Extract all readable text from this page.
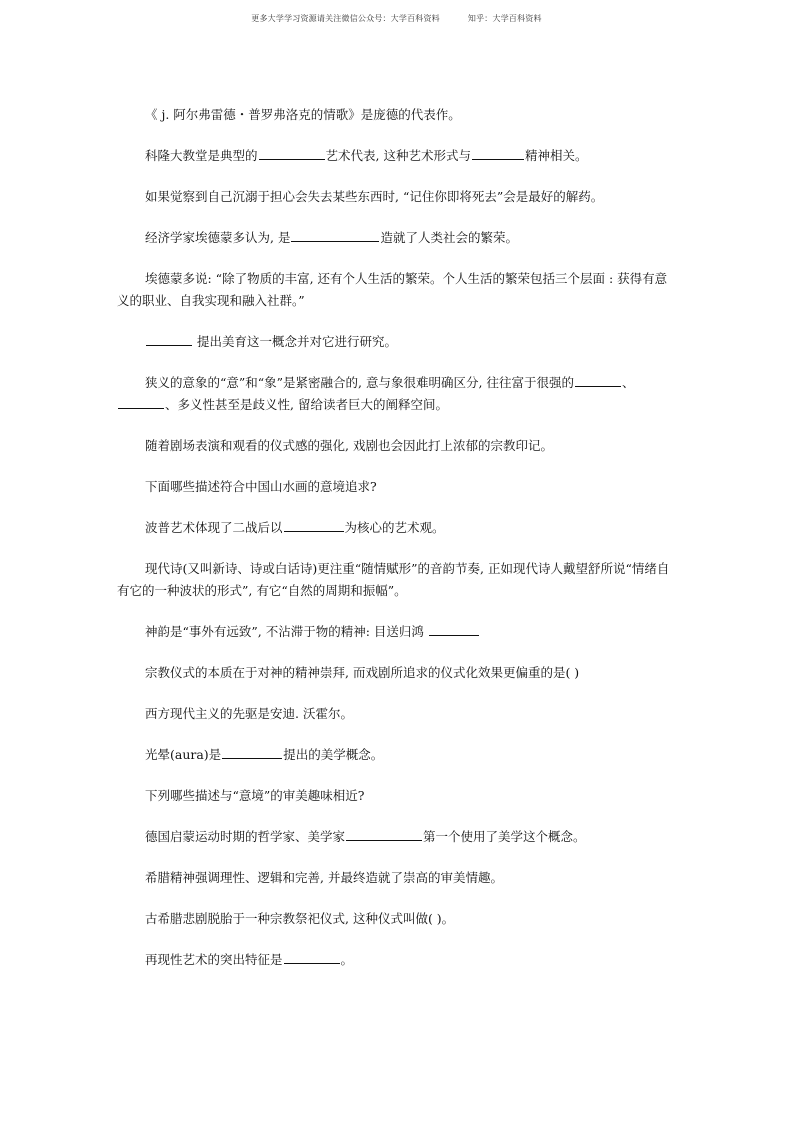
更多大学学习资源请关注微信公众号：大学百科资料	知乎：大学百科资料

《 j. 阿尔弗雷德・普罗弗洛克的情歌》是庞德的代表作。

科隆大教堂是典型的	艺术代表, 这种艺术形式与	精神相关。

如果觉察到自己沉溺于担心会失去某些东西时, “记住你即将死去”会是最好的解药。

经济学家埃德蒙多认为, 是	造就了人类社会的繁荣。

埃德蒙多说: “除了物质的丰富, 还有个人生活的繁荣。个人生活的繁荣包括三个层面 : 获得有意义的职业、自我实现和融入社群。”

提出美育这一概念并对它进行研究。

狭义的意象的“意”和“象”是紧密融合的, 意与象很难明确区分, 往往富于很强的	、、多义性甚至是歧义性, 留给读者巨大的阐释空间。

随着剧场表演和观看的仪式感的强化, 戏剧也会因此打上浓郁的宗教印记。

下面哪些描述符合中国山水画的意境追求?

波普艺术体现了二战后以	为核心的艺术观。

现代诗(又叫新诗、诗或白话诗)更注重“随情赋形”的音韵节奏, 正如现代诗人戴望舒所说“情绪自有它的一种波状的形式”, 有它“自然的周期和振幅”。

神韵是“事外有远致”, 不沾滞于物的精神: 目送归鸿

宗教仪式的本质在于对神的精神崇拜, 而戏剧所追求的仪式化效果更偏重的是( )

西方现代主义的先驱是安迪. 沃霍尔。

光晕(aura)是	提出的美学概念。

下列哪些描述与“意境”的审美趣味相近?

德国启蒙运动时期的哲学家、美学家	第一个使用了美学这个概念。

希腊精神强调理性、逻辑和完善, 并最终造就了崇高的审美情趣。

古希腊悲剧脱胎于一种宗教祭祀仪式, 这种仪式叫做( )。

再现性艺术的突出特征是	。
